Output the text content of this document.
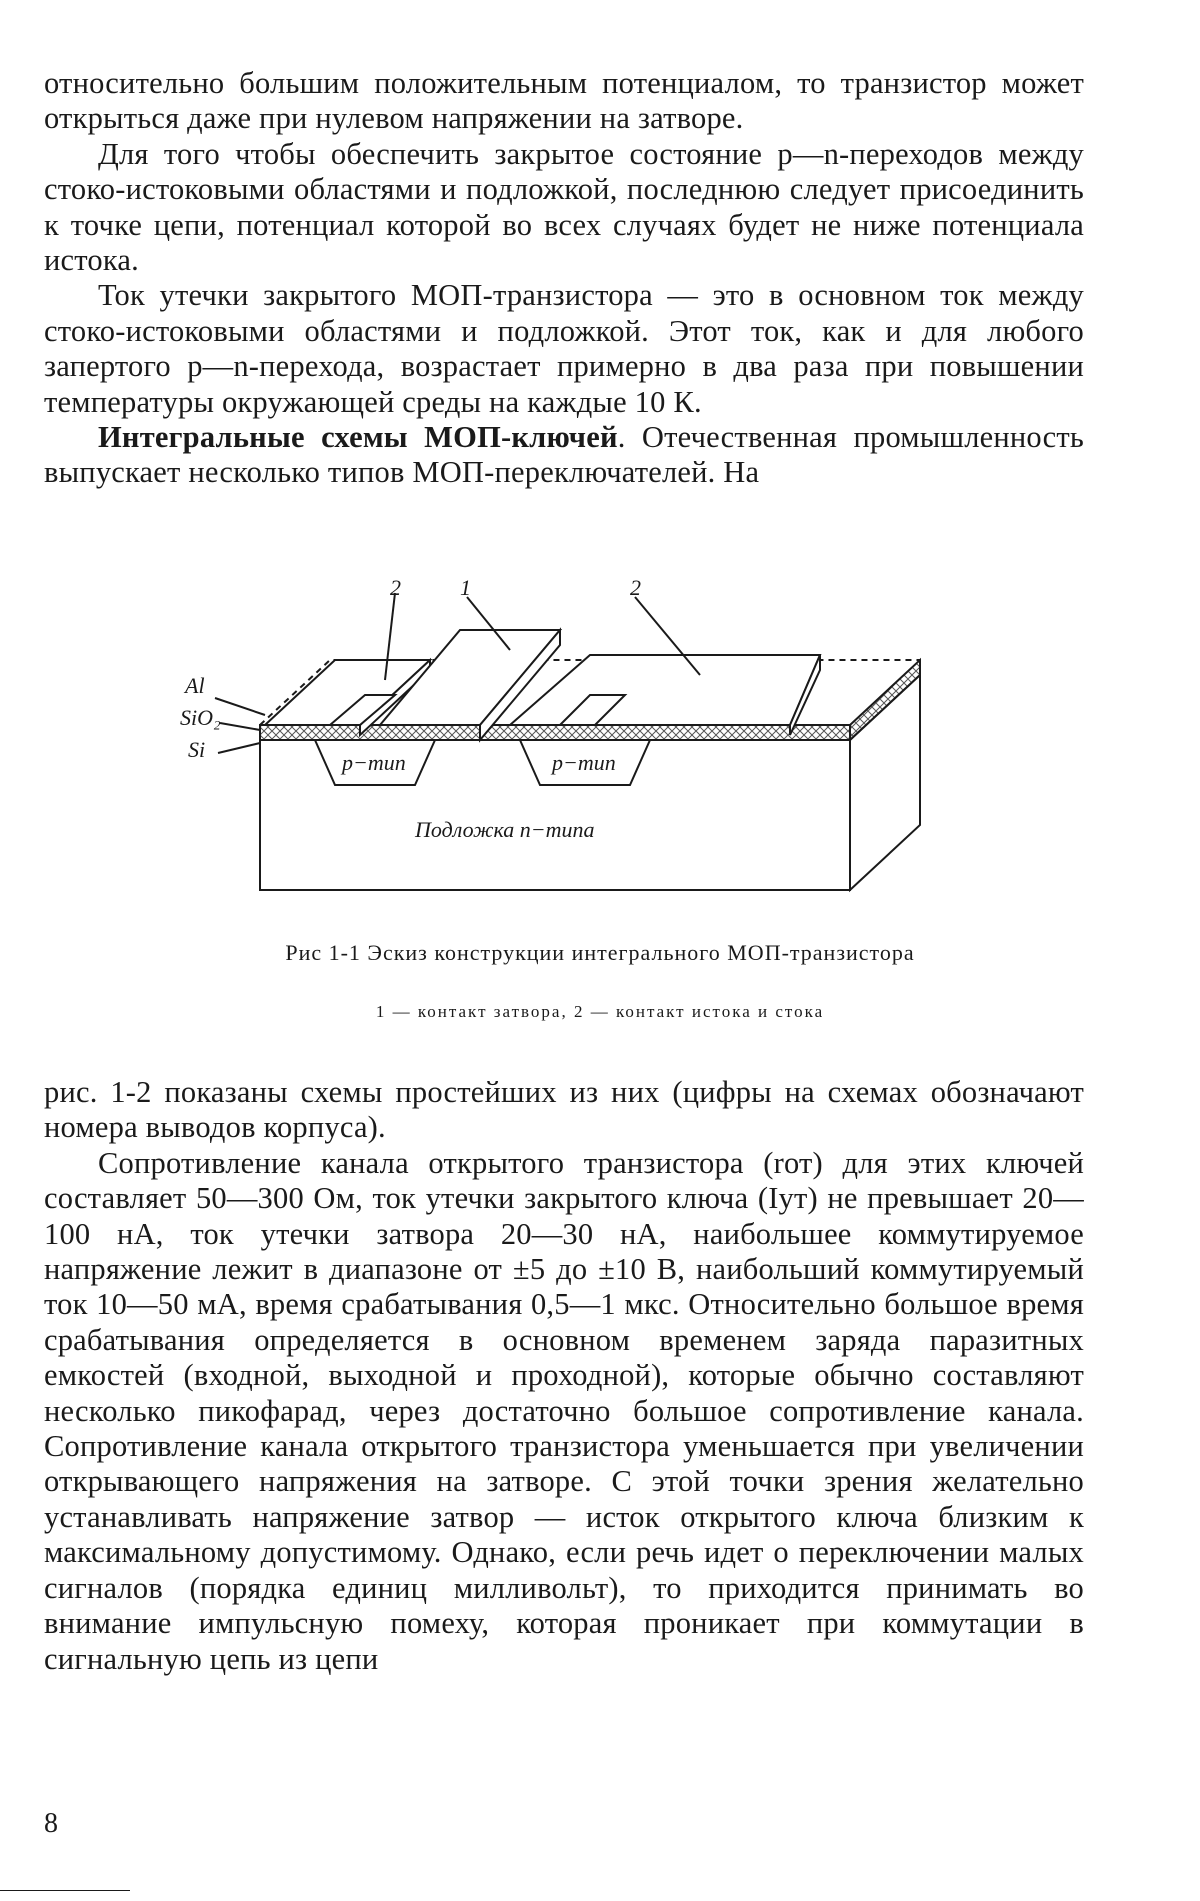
относительно большим положительным потенциалом, то транзистор может открыться даже при нулевом напряжении на затворе.

Для того чтобы обеспечить закрытое состояние p—n-переходов между стоко-истоковыми областями и подложкой, последнюю следует присоединить к точке цепи, потенциал которой во всех случаях будет не ниже потенциала истока.

Ток утечки закрытого МОП-транзистора — это в основном ток между стоко-истоковыми областями и подложкой. Этот ток, как и для любого запертого p—n-перехода, возрастает примерно в два раза при повышении температуры окружающей среды на каждые 10 К.

Интегральные схемы МОП-ключей. Отечественная промышленность выпускает несколько типов МОП-переключателей. На

Al
SiO₂
Si
p−тип	p−тип
Подложка n−типа
2	1	2
Рис 1-1 Эскиз конструкции интегрального МОП-транзистора
1 — контакт затвора, 2 — контакт истока и стока

рис. 1-2 показаны схемы простейших из них (цифры на схемах обозначают номера выводов корпуса).

Сопротивление канала открытого транзистора (rот) для этих ключей составляет 50—300 Ом, ток утечки закрытого ключа (Iут) не превышает 20—100 нА, ток утечки затвора 20—30 нА, наибольшее коммутируемое напряжение лежит в диапазоне от ±5 до ±10 В, наибольший коммутируемый ток 10—50 мА, время срабатывания 0,5—1 мкс. Относительно большое время срабатывания определяется в основном временем заряда паразитных емкостей (входной, выходной и проходной), которые обычно составляют несколько пикофарад, через достаточно большое сопротивление канала. Сопротивление канала открытого транзистора уменьшается при увеличении открывающего напряжения на затворе. С этой точки зрения желательно устанавливать напряжение затвор — исток открытого ключа близким к максимальному допустимому. Однако, если речь идет о переключении малых сигналов (порядка единиц милливольт), то приходится принимать во внимание импульсную помеху, которая проникает при коммутации в сигнальную цепь из цепи

8
